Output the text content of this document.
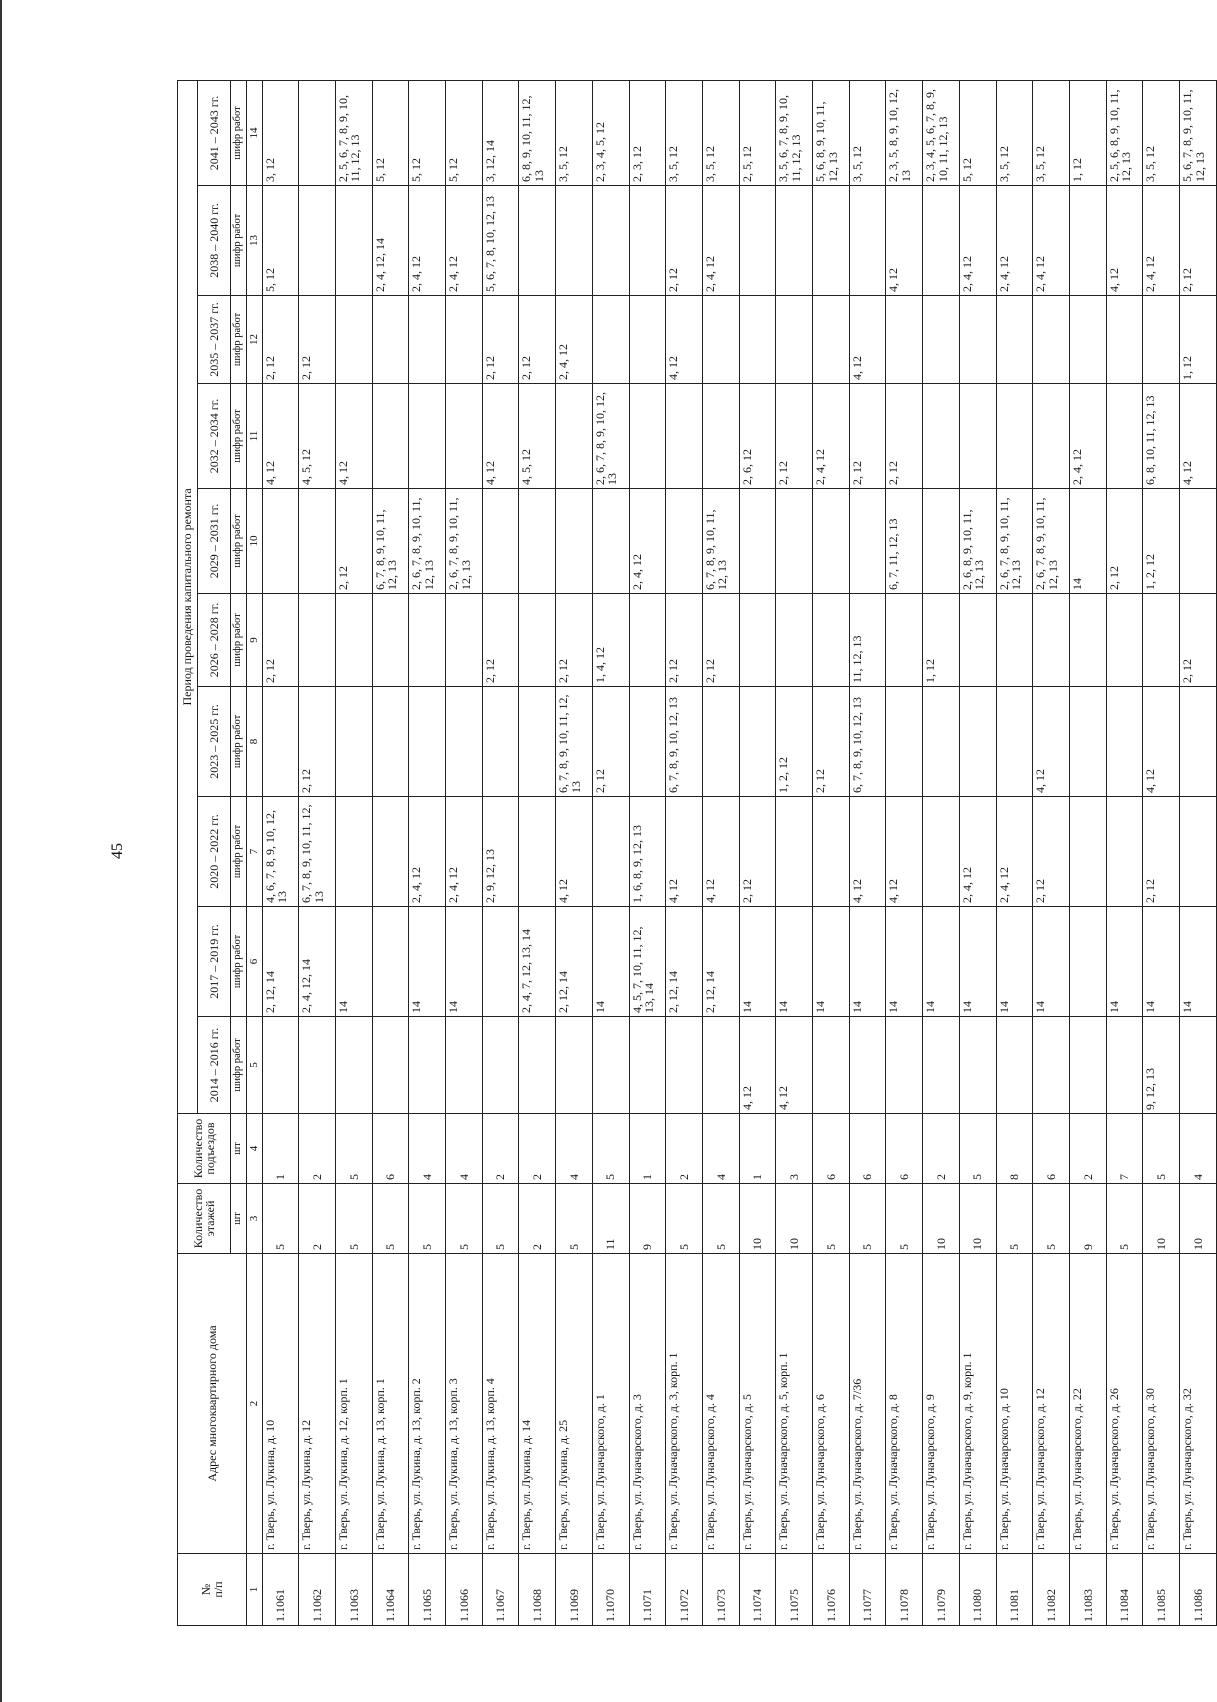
45
№
п/п	Адрес многоквартирного дома	Количество этажей	Количество подъездов	Период проведения капитального ремонта									
				2014 – 2016 гг.	2017 – 2019 гг.	2020 – 2022 гг.	2023 – 2025 гг.	2026 – 2028 гг.	2029 – 2031 гг.	2032 – 2034 гг.	2035 – 2037 гг.	2038 – 2040 гг.	2041 – 2043 гг.
		шт	шт	шифр работ	шифр работ	шифр работ	шифр работ	шифр работ	шифр работ	шифр работ	шифр работ	шифр работ	шифр работ
1	2	3	4	5	6	7	8	9	10	11	12	13	14
1.1061	г. Тверь, ул. Лукина, д. 10	5	1		2, 12, 14	4, 6, 7, 8, 9, 10, 12, 13		2, 12		4, 12	2, 12	5, 12	3, 12
1.1062	г. Тверь, ул. Лукина, д. 12	2	2		2, 4, 12, 14	6, 7, 8, 9, 10, 11, 12, 13	2, 12			4, 5, 12	2, 12		
1.1063	г. Тверь, ул. Лукина, д. 12, корп. 1	5	5		14				2, 12	4, 12			2, 5, 6, 7, 8, 9, 10, 11, 12, 13
1.1064	г. Тверь, ул. Лукина, д. 13, корп. 1	5	6						6, 7, 8, 9, 10, 11, 12, 13			2, 4, 12, 14	5, 12
1.1065	г. Тверь, ул. Лукина, д. 13, корп. 2	5	4		14	2, 4, 12			2, 6, 7, 8, 9, 10, 11, 12, 13			2, 4, 12	5, 12
1.1066	г. Тверь, ул. Лукина, д. 13, корп. 3	5	4		14	2, 4, 12			2, 6, 7, 8, 9, 10, 11, 12, 13			2, 4, 12	5, 12
1.1067	г. Тверь, ул. Лукина, д. 13, корп. 4	5	2			2, 9, 12, 13		2, 12		4, 12	2, 12	5, 6, 7, 8, 10, 12, 13	3, 12, 14
1.1068	г. Тверь, ул. Лукина, д. 14	2	2		2, 4, 7, 12, 13, 14					4, 5, 12	2, 12		6, 8, 9, 10, 11, 12, 13
1.1069	г. Тверь, ул. Лукина, д. 25	5	4		2, 12, 14	4, 12	6, 7, 8, 9, 10, 11, 12, 13	2, 12			2, 4, 12		3, 5, 12
1.1070	г. Тверь, ул. Луначарского, д. 1	11	5		14		2, 12	1, 4, 12		2, 6, 7, 8, 9, 10, 12, 13			2, 3, 4, 5, 12
1.1071	г. Тверь, ул. Луначарского, д. 3	9	1		4, 5, 7, 10, 11, 12, 13, 14	1, 6, 8, 9, 12, 13			2, 4, 12				2, 3, 12
1.1072	г. Тверь, ул. Луначарского, д. 3, корп. 1	5	2		2, 12, 14	4, 12	6, 7, 8, 9, 10, 12, 13	2, 12			4, 12	2, 12	3, 5, 12
1.1073	г. Тверь, ул. Луначарского, д. 4	5	4		2, 12, 14	4, 12		2, 12	6, 7, 8, 9, 10, 11, 12, 13			2, 4, 12	3, 5, 12
1.1074	г. Тверь, ул. Луначарского, д. 5	10	1	4, 12	14	2, 12				2, 6, 12			2, 5, 12
1.1075	г. Тверь, ул. Луначарского, д. 5, корп. 1	10	3	4, 12	14		1, 2, 12			2, 12			3, 5, 6, 7, 8, 9, 10, 11, 12, 13
1.1076	г. Тверь, ул. Луначарского, д. 6	5	6		14		2, 12			2, 4, 12			5, 6, 8, 9, 10, 11, 12, 13
1.1077	г. Тверь, ул. Луначарского, д. 7/36	5	6		14	4, 12	6, 7, 8, 9, 10, 12, 13	11, 12, 13		2, 12	4, 12		3, 5, 12
1.1078	г. Тверь, ул. Луначарского, д. 8	5	6		14	4, 12			6, 7, 11, 12, 13	2, 12		4, 12	2, 3, 5, 8, 9, 10, 12, 13
1.1079	г. Тверь, ул. Луначарского, д. 9	10	2		14			1, 12					2, 3, 4, 5, 6, 7, 8, 9, 10, 11, 12, 13
1.1080	г. Тверь, ул. Луначарского, д. 9, корп. 1	10	5		14	2, 4, 12			2, 6, 8, 9, 10, 11, 12, 13			2, 4, 12	5, 12
1.1081	г. Тверь, ул. Луначарского, д. 10	5	8		14	2, 4, 12			2, 6, 7, 8, 9, 10, 11, 12, 13			2, 4, 12	3, 5, 12
1.1082	г. Тверь, ул. Луначарского, д. 12	5	6		14	2, 12	4, 12		2, 6, 7, 8, 9, 10, 11, 12, 13			2, 4, 12	3, 5, 12
1.1083	г. Тверь, ул. Луначарского, д. 22	9	2						14	2, 4, 12			1, 12
1.1084	г. Тверь, ул. Луначарского, д. 26	5	7		14				2, 12			4, 12	2, 5, 6, 8, 9, 10, 11, 12, 13
1.1085	г. Тверь, ул. Луначарского, д. 30	10	5	9, 12, 13	14	2, 12	4, 12		1, 2, 12	6, 8, 10, 11, 12, 13		2, 4, 12	3, 5, 12
1.1086	г. Тверь, ул. Луначарского, д. 32	10	4		14			2, 12		4, 12	1, 12	2, 12	5, 6, 7, 8, 9, 10, 11, 12, 13
